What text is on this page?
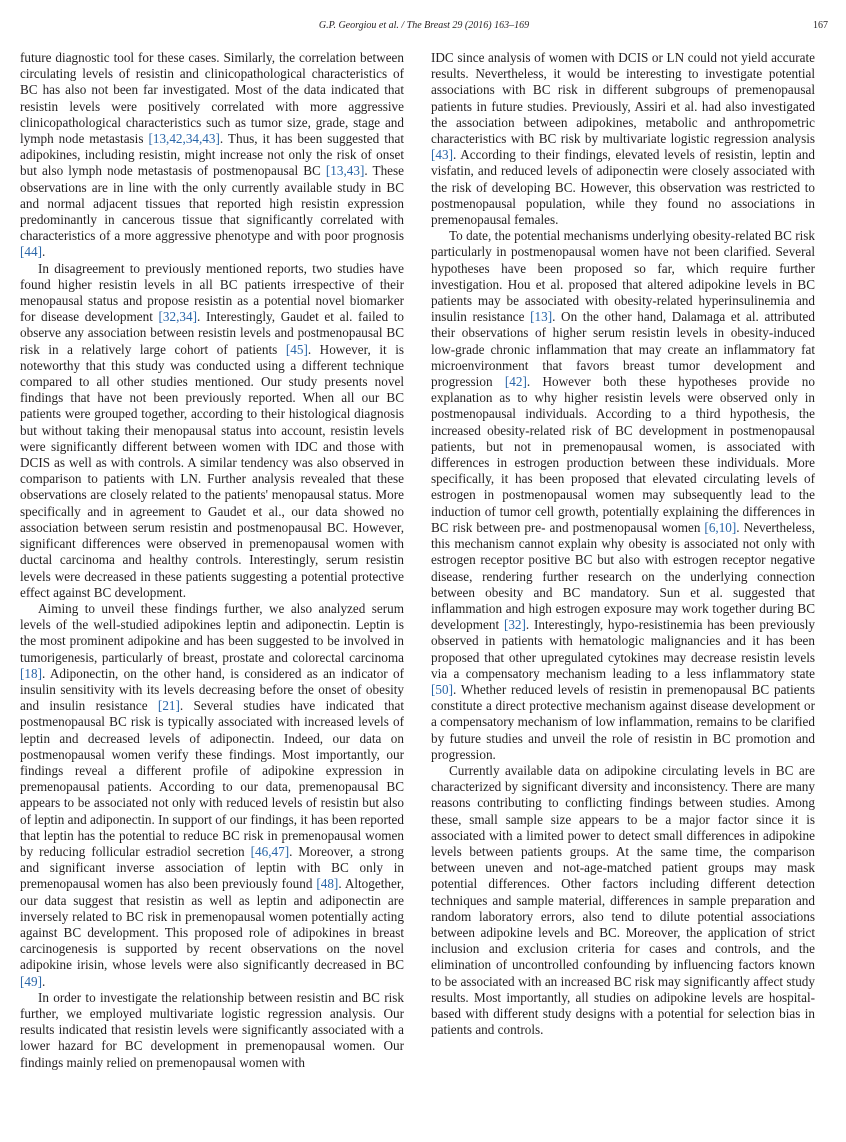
G.P. Georgiou et al. / The Breast 29 (2016) 163–169	167

future diagnostic tool for these cases. Similarly, the correlation between circulating levels of resistin and clinicopathological characteristics of BC has also not been far investigated. Most of the data indicated that resistin levels were positively correlated with more aggressive clinicopathological characteristics such as tumor size, grade, stage and lymph node metastasis [13,42,34,43]. Thus, it has been suggested that adipokines, including resistin, might increase not only the risk of onset but also lymph node metastasis of postmenopausal BC [13,43]. These observations are in line with the only currently available study in BC and normal adjacent tissues that reported high resistin expression predominantly in cancerous tissue that significantly correlated with characteristics of a more aggressive phenotype and with poor prognosis [44].

In disagreement to previously mentioned reports, two studies have found higher resistin levels in all BC patients irrespective of their menopausal status and propose resistin as a potential novel biomarker for disease development [32,34]. Interestingly, Gaudet et al. failed to observe any association between resistin levels and postmenopausal BC risk in a relatively large cohort of patients [45]. However, it is noteworthy that this study was conducted using a different technique compared to all other studies mentioned. Our study presents novel findings that have not been previously reported. When all our BC patients were grouped together, according to their histological diagnosis but without taking their menopausal status into account, resistin levels were significantly different between women with IDC and those with DCIS as well as with controls. A similar tendency was also observed in comparison to patients with LN. Further analysis revealed that these observations are closely related to the patients' menopausal status. More specifically and in agreement to Gaudet et al., our data showed no association between serum resistin and postmenopausal BC. However, significant differences were observed in premenopausal women with ductal carcinoma and healthy controls. Interestingly, serum resistin levels were decreased in these patients suggesting a potential protective effect against BC development.

Aiming to unveil these findings further, we also analyzed serum levels of the well-studied adipokines leptin and adiponectin. Leptin is the most prominent adipokine and has been suggested to be involved in tumorigenesis, particularly of breast, prostate and colorectal carcinoma [18]. Adiponectin, on the other hand, is considered as an indicator of insulin sensitivity with its levels decreasing before the onset of obesity and insulin resistance [21]. Several studies have indicated that postmenopausal BC risk is typically associated with increased levels of leptin and decreased levels of adiponectin. Indeed, our data on postmenopausal women verify these findings. Most importantly, our findings reveal a different profile of adipokine expression in premenopausal patients. According to our data, premenopausal BC appears to be associated not only with reduced levels of resistin but also of leptin and adiponectin. In support of our findings, it has been reported that leptin has the potential to reduce BC risk in premenopausal women by reducing follicular estradiol secretion [46,47]. Moreover, a strong and significant inverse association of leptin with BC only in premenopausal women has also been previously found [48]. Altogether, our data suggest that resistin as well as leptin and adiponectin are inversely related to BC risk in premenopausal women potentially acting against BC development. This proposed role of adipokines in breast carcinogenesis is supported by recent observations on the novel adipokine irisin, whose levels were also significantly decreased in BC [49].

In order to investigate the relationship between resistin and BC risk further, we employed multivariate logistic regression analysis. Our results indicated that resistin levels were significantly associated with a lower hazard for BC development in premenopausal women. Our findings mainly relied on premenopausal women with

IDC since analysis of women with DCIS or LN could not yield accurate results. Nevertheless, it would be interesting to investigate potential associations with BC risk in different subgroups of premenopausal patients in future studies. Previously, Assiri et al. had also investigated the association between adipokines, metabolic and anthropometric characteristics with BC risk by multivariate logistic regression analysis [43]. According to their findings, elevated levels of resistin, leptin and visfatin, and reduced levels of adiponectin were closely associated with the risk of developing BC. However, this observation was restricted to postmenopausal population, while they found no associations in premenopausal females.

To date, the potential mechanisms underlying obesity-related BC risk particularly in postmenopausal women have not been clarified. Several hypotheses have been proposed so far, which require further investigation. Hou et al. proposed that altered adipokine levels in BC patients may be associated with obesity-related hyperinsulinemia and insulin resistance [13]. On the other hand, Dalamaga et al. attributed their observations of higher serum resistin levels in obesity-induced low-grade chronic inflammation that may create an inflammatory fat microenvironment that favors breast tumor development and progression [42]. However both these hypotheses provide no explanation as to why higher resistin levels were observed only in postmenopausal individuals. According to a third hypothesis, the increased obesity-related risk of BC development in postmenopausal patients, but not in premenopausal women, is associated with differences in estrogen production between these individuals. More specifically, it has been proposed that elevated circulating levels of estrogen in postmenopausal women may subsequently lead to the induction of tumor cell growth, potentially explaining the differences in BC risk between pre- and postmenopausal women [6,10]. Nevertheless, this mechanism cannot explain why obesity is associated not only with estrogen receptor positive BC but also with estrogen receptor negative disease, rendering further research on the underlying connection between obesity and BC mandatory. Sun et al. suggested that inflammation and high estrogen exposure may work together during BC development [32]. Interestingly, hypo-resistinemia has been previously observed in patients with hematologic malignancies and it has been proposed that other upregulated cytokines may decrease resistin levels via a compensatory mechanism leading to a less inflammatory state [50]. Whether reduced levels of resistin in premenopausal BC patients constitute a direct protective mechanism against disease development or a compensatory mechanism of low inflammation, remains to be clarified by future studies and unveil the role of resistin in BC promotion and progression.

Currently available data on adipokine circulating levels in BC are characterized by significant diversity and inconsistency. There are many reasons contributing to conflicting findings between studies. Among these, small sample size appears to be a major factor since it is associated with a limited power to detect small differences in adipokine levels between patients groups. At the same time, the comparison between uneven and not-age-matched patient groups may mask potential differences. Other factors including different detection techniques and sample material, differences in sample preparation and random laboratory errors, also tend to dilute potential associations between adipokine levels and BC. Moreover, the application of strict inclusion and exclusion criteria for cases and controls, and the elimination of uncontrolled confounding by influencing factors known to be associated with an increased BC risk may significantly affect study results. Most importantly, all studies on adipokine levels are hospital-based with different study designs with a potential for selection bias in patients and controls.
